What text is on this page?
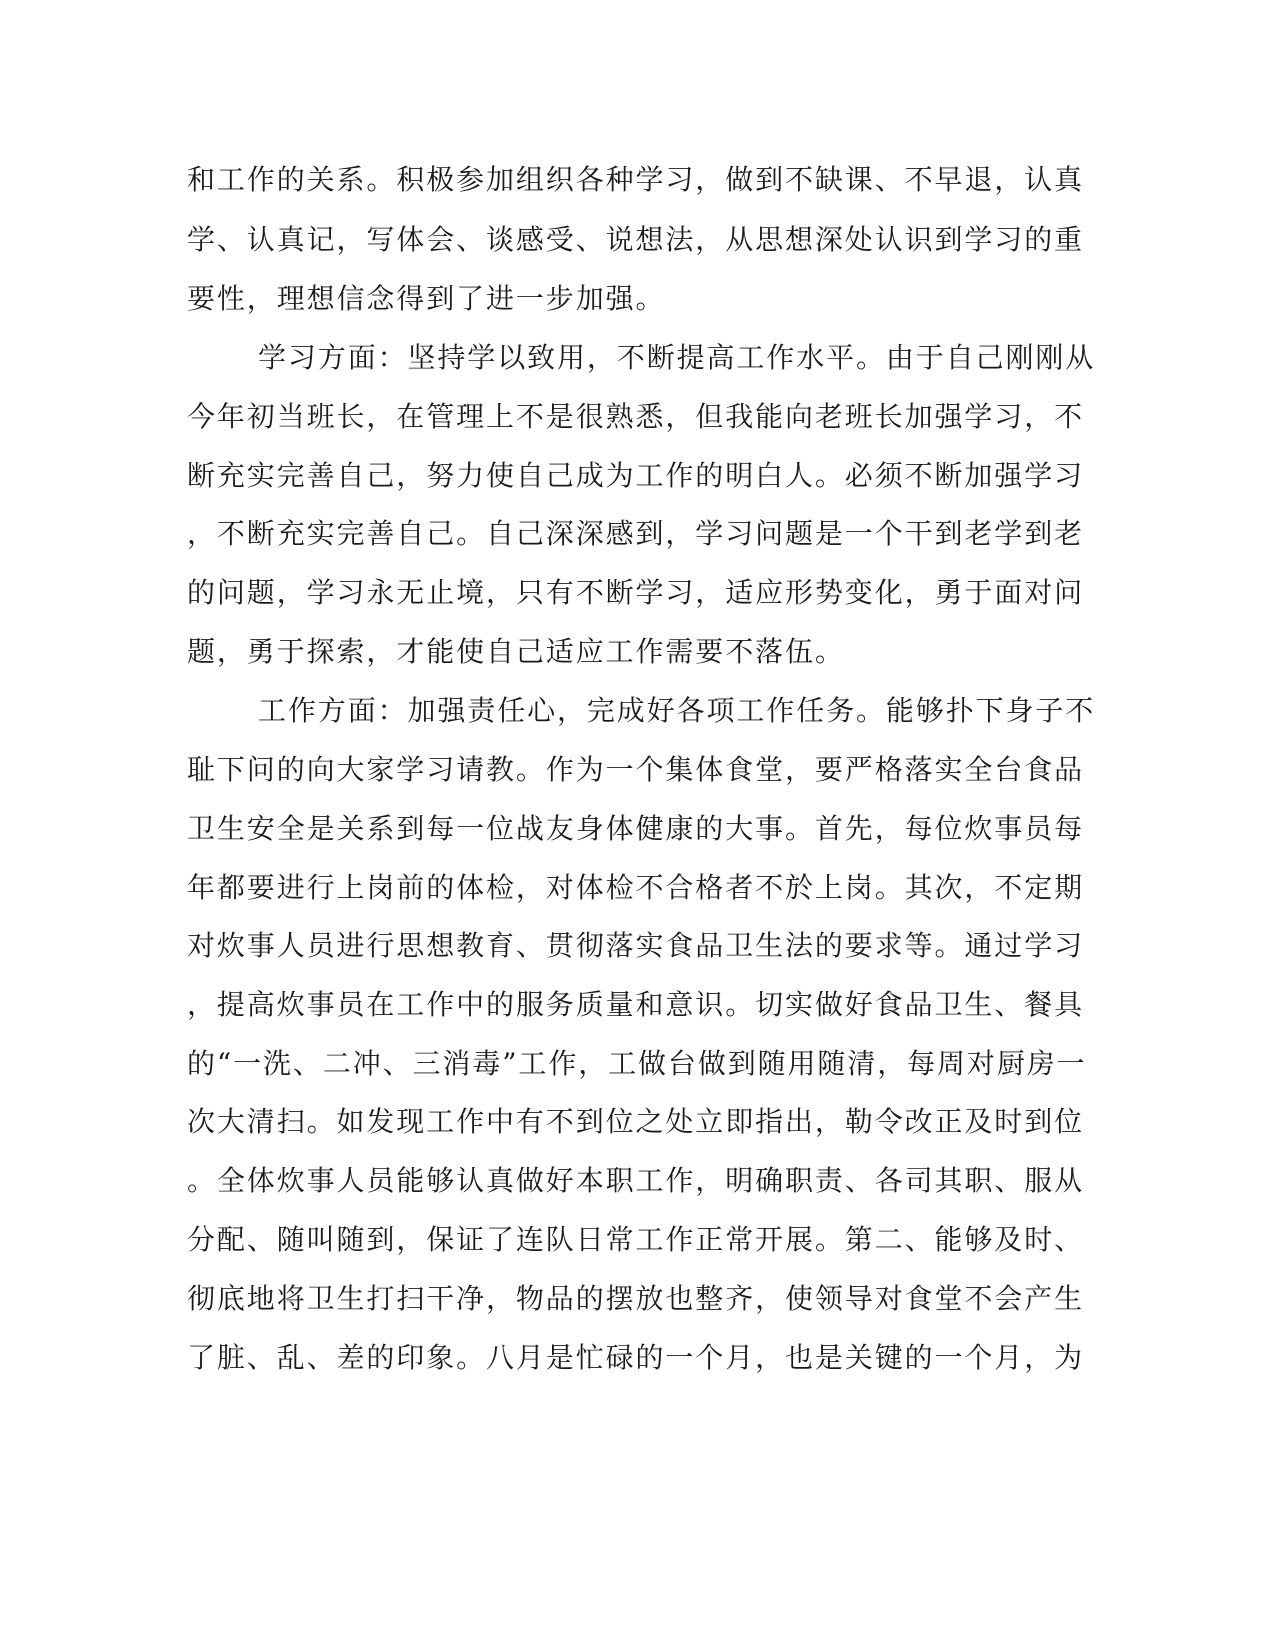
和工作的关系。积极参加组织各种学习，做到不缺课、不早退，认真
学、认真记，写体会、谈感受、说想法，从思想深处认识到学习的重
要性，理想信念得到了进一步加强。
学习方面：坚持学以致用，不断提高工作水平。由于自己刚刚从
今年初当班长，在管理上不是很熟悉，但我能向老班长加强学习，不
断充实完善自己，努力使自己成为工作的明白人。必须不断加强学习
，不断充实完善自己。自己深深感到，学习问题是一个干到老学到老
的问题，学习永无止境，只有不断学习，适应形势变化，勇于面对问
题，勇于探索，才能使自己适应工作需要不落伍。
工作方面：加强责任心，完成好各项工作任务。能够扑下身子不
耻下问的向大家学习请教。作为一个集体食堂，要严格落实全台食品
卫生安全是关系到每一位战友身体健康的大事。首先，每位炊事员每
年都要进行上岗前的体检，对体检不合格者不於上岗。其次，不定期
对炊事人员进行思想教育、贯彻落实食品卫生法的要求等。通过学习
，提高炊事员在工作中的服务质量和意识。切实做好食品卫生、餐具
的“一洗、二冲、三消毒”工作，工做台做到随用随清，每周对厨房一
次大清扫。如发现工作中有不到位之处立即指出，勒令改正及时到位
。全体炊事人员能够认真做好本职工作，明确职责、各司其职、服从
分配、随叫随到，保证了连队日常工作正常开展。第二、能够及时、
彻底地将卫生打扫干净，物品的摆放也整齐，使领导对食堂不会产生
了脏、乱、差的印象。八月是忙碌的一个月，也是关键的一个月，为
